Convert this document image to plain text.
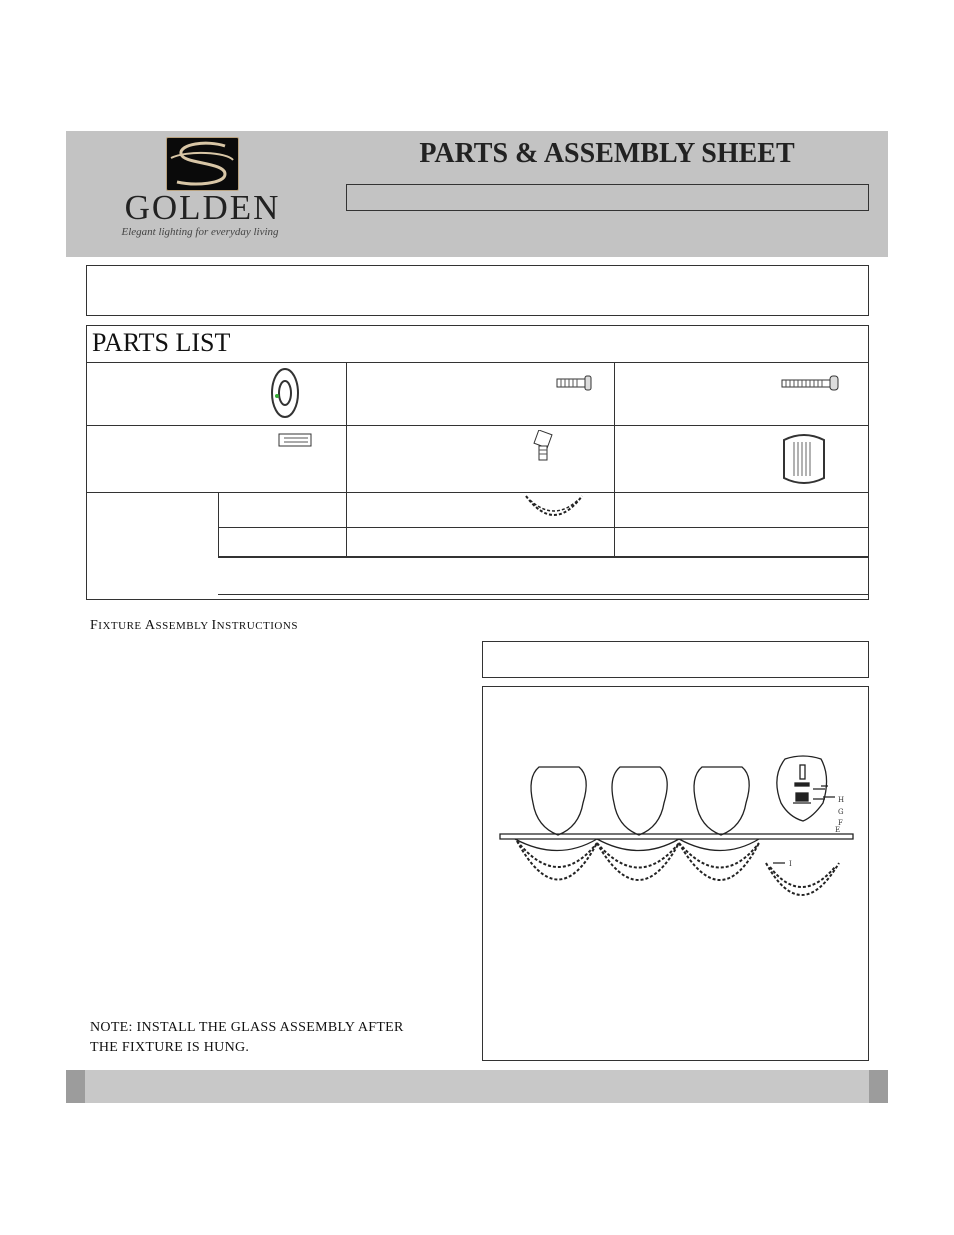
GOLDEN
Elegant lighting for everyday living
PARTS & ASSEMBLY SHEET
PARTS LIST
FIXTURE ASSEMBLY INSTRUCTIONS
H
G
F
E
I
NOTE: INSTALL THE GLASS ASSEMBLY AFTER
THE FIXTURE IS HUNG.
